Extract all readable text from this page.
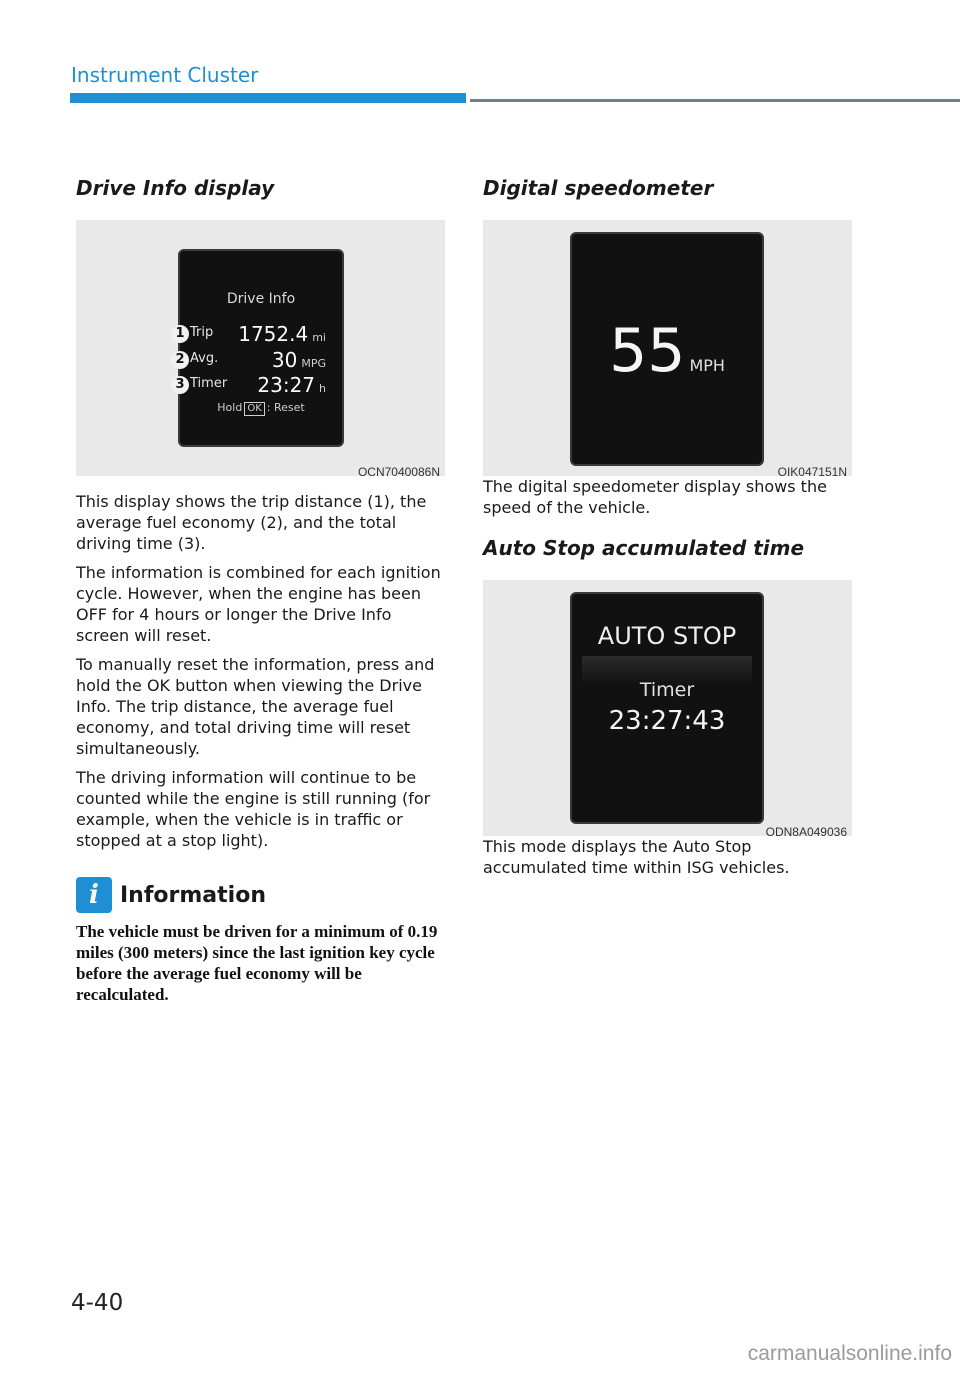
Instrument Cluster
Drive Info display
Drive Info
1 Trip 1752.4 mi
2 Avg.	30 MPG
3 Timer 23:27 h
Hold OK : Reset
OCN7040086N

This display shows the trip distance (1), the average fuel economy (2), and the total driving time (3).

The information is combined for each ignition cycle. However, when the engine has been OFF for 4 hours or longer the Drive Info screen will reset.

To manually reset the information, press and hold the OK button when viewing the Drive Info. The trip distance, the average fuel economy, and total driving time will reset simultaneously.

The driving information will continue to be counted while the engine is still running (for example, when the vehicle is in traffic or stopped at a stop light).

i Information
The vehicle must be driven for a minimum of 0.19 miles (300 meters) since the last ignition key cycle before the average fuel economy will be recalculated.
Digital speedometer
55 MPH
OIK047151N

The digital speedometer display shows the speed of the vehicle.

Auto Stop accumulated time
AUTO STOP
Timer
23:27:43
ODN8A049036

This mode displays the Auto Stop accumulated time within ISG vehicles.

4-40
carmanualsonline.info
